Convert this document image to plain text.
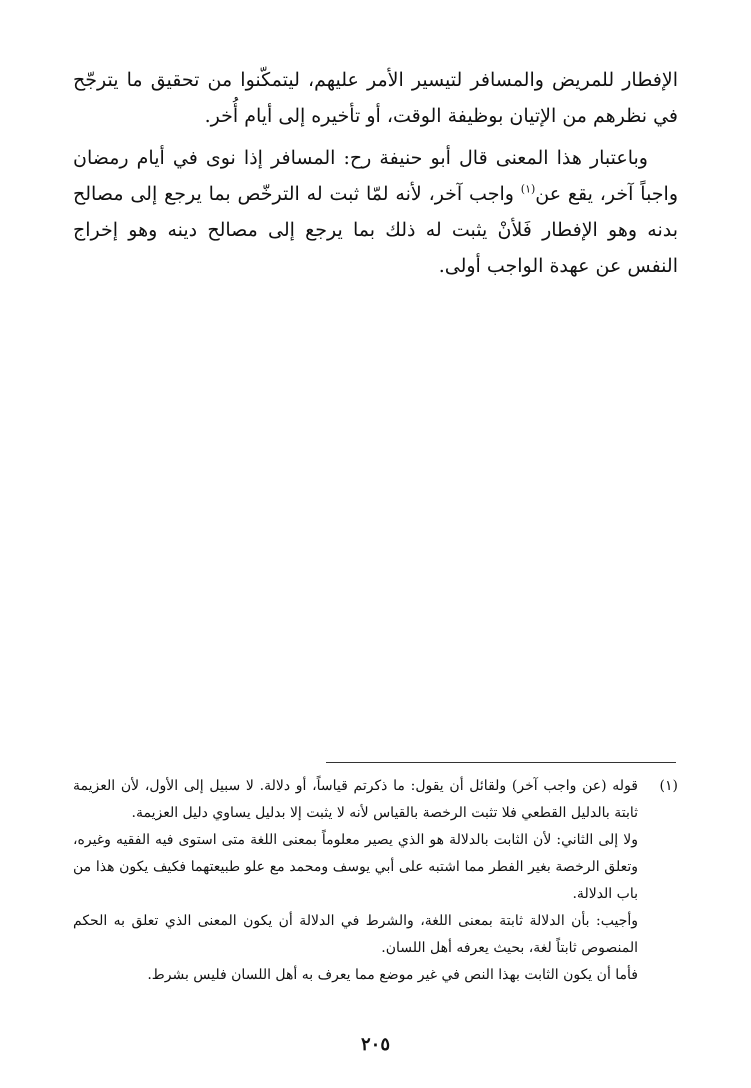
الإفطار للمريض والمسافر لتيسير الأمر عليهم، ليتمكّنوا من تحقيق ما يترجّح في نظرهم من الإتيان بوظيفة الوقت، أو تأخيره إلى أيام أُخر.

وباعتبار هذا المعنى قال أبو حنيفة رح: المسافر إذا نوى في أيام رمضان واجباً آخر، يقع عن$^{(١)}$ واجب آخر، لأنه لمّا ثبت له الترخّص بما يرجع إلى مصالح بدنه وهو الإفطار فَلأنْ يثبت له ذلك بما يرجع إلى مصالح دينه وهو إخراج النفس عن عهدة الواجب أولى.

(١)

قوله (عن واجب آخر) ولقائل أن يقول: ما ذكرتم قياساً، أو دلالة. لا سبيل إلى الأول، لأن العزيمة ثابتة بالدليل القطعي فلا تثبت الرخصة بالقياس لأنه لا يثبت إلا بدليل يساوي دليل العزيمة.

ولا إلى الثاني: لأن الثابت بالدلالة هو الذي يصير معلوماً بمعنى اللغة متى استوى فيه الفقيه وغيره، وتعلق الرخصة بغير الفطر مما اشتبه على أبي يوسف ومحمد مع علو طبيعتهما فكيف يكون هذا من باب الدلالة.

وأجيب: بأن الدلالة ثابتة بمعنى اللغة، والشرط في الدلالة أن يكون المعنى الذي تعلق به الحكم المنصوص ثابتاً لغة، بحيث يعرفه أهل اللسان.

فأما أن يكون الثابت بهذا النص في غير موضع مما يعرف به أهل اللسان فليس بشرط.

٢٠٥
